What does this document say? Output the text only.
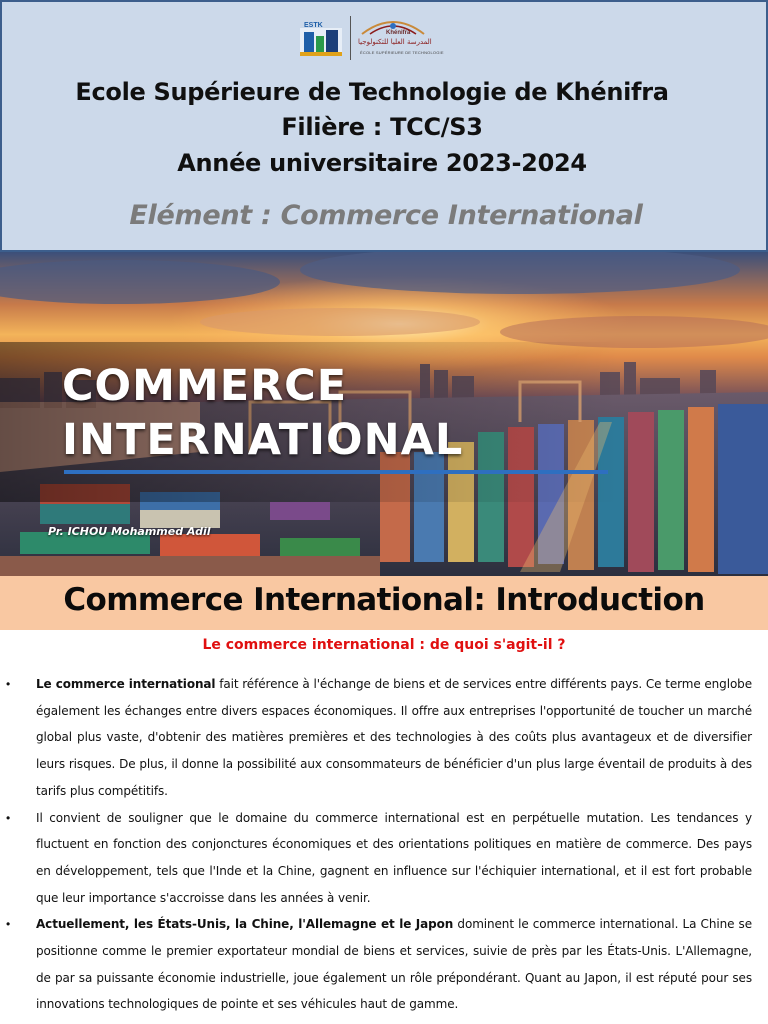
ESTK
Khénifra
المدرسة العليا للتكنولوجيا
ÉCOLE SUPÉRIEURE DE TECHNOLOGIE
Ecole Supérieure de Technologie de Khénifra
Filière : TCC/S3
Année universitaire 2023-2024
Elément : Commerce International
COMMERCE
INTERNATIONAL
Pr. ICHOU Mohammed Adil
Commerce International: Introduction
Le commerce international : de quoi s'agit-il ?
• Le commerce international fait référence à l'échange de biens et de services entre différents pays. Ce terme englobe également les échanges entre divers espaces économiques. Il offre aux entreprises l'opportunité de toucher un marché global plus vaste, d'obtenir des matières premières et des technologies à des coûts plus avantageux et de diversifier leurs risques. De plus, il donne la possibilité aux consommateurs de bénéficier d'un plus large éventail de produits à des tarifs plus compétitifs.

• Il convient de souligner que le domaine du commerce international est en perpétuelle mutation. Les tendances y fluctuent en fonction des conjonctures économiques et des orientations politiques en matière de commerce. Des pays en développement, tels que l'Inde et la Chine, gagnent en influence sur l'échiquier international, et il est fort probable que leur importance s'accroisse dans les années à venir.

• Actuellement, les États-Unis, la Chine, l'Allemagne et le Japon dominent le commerce international. La Chine se positionne comme le premier exportateur mondial de biens et services, suivie de près par les États-Unis. L'Allemagne, de par sa puissante économie industrielle, joue également un rôle prépondérant. Quant au Japon, il est réputé pour ses innovations technologiques de pointe et ses véhicules haut de gamme.
